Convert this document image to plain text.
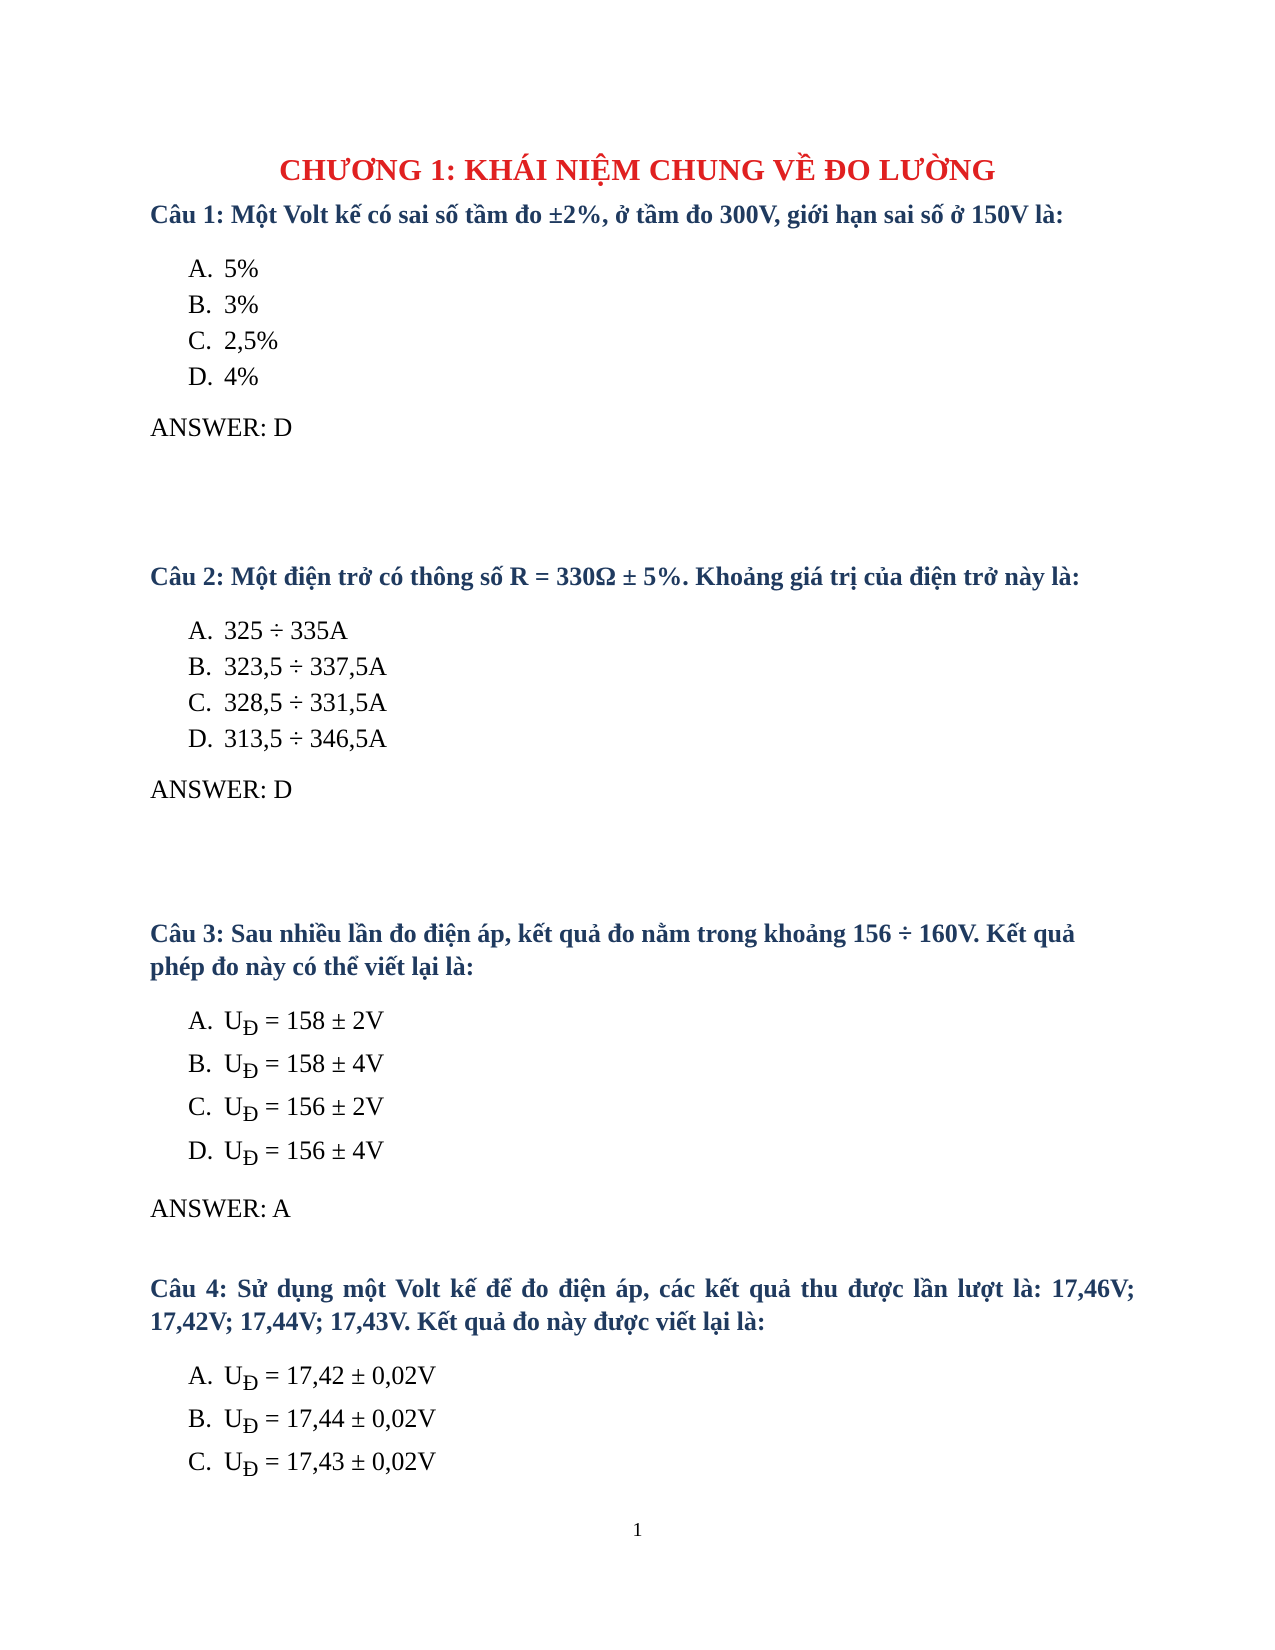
CHƯƠNG 1: KHÁI NIỆM CHUNG VỀ ĐO LƯỜNG

Câu 1: Một Volt kế có sai số tầm đo ±2%, ở tầm đo 300V, giới hạn sai số ở 150V là:

A. 5%
B. 3%
C. 2,5%
D. 4%
ANSWER: D

Câu 2: Một điện trở có thông số R = 330Ω ± 5%. Khoảng giá trị của điện trở này là:

A. 325 ÷ 335A
B. 323,5 ÷ 337,5A
C. 328,5 ÷ 331,5A
D. 313,5 ÷ 346,5A
ANSWER: D

Câu 3: Sau nhiều lần đo điện áp, kết quả đo nằm trong khoảng 156 ÷ 160V. Kết quả phép đo này có thể viết lại là:

A. $U_Đ = 158 \pm 2V$
B. $U_Đ = 158 \pm 4V$
C. $U_Đ = 156 \pm 2V$
D. $U_Đ = 156 \pm 4V$
ANSWER: A

Câu 4: Sử dụng một Volt kế để đo điện áp, các kết quả thu được lần lượt là: 17,46V; 17,42V; 17,44V; 17,43V. Kết quả đo này được viết lại là:

A. $U_Đ = 17,42 \pm 0,02V$
B. $U_Đ = 17,44 \pm 0,02V$
C. $U_Đ = 17,43 \pm 0,02V$
1
